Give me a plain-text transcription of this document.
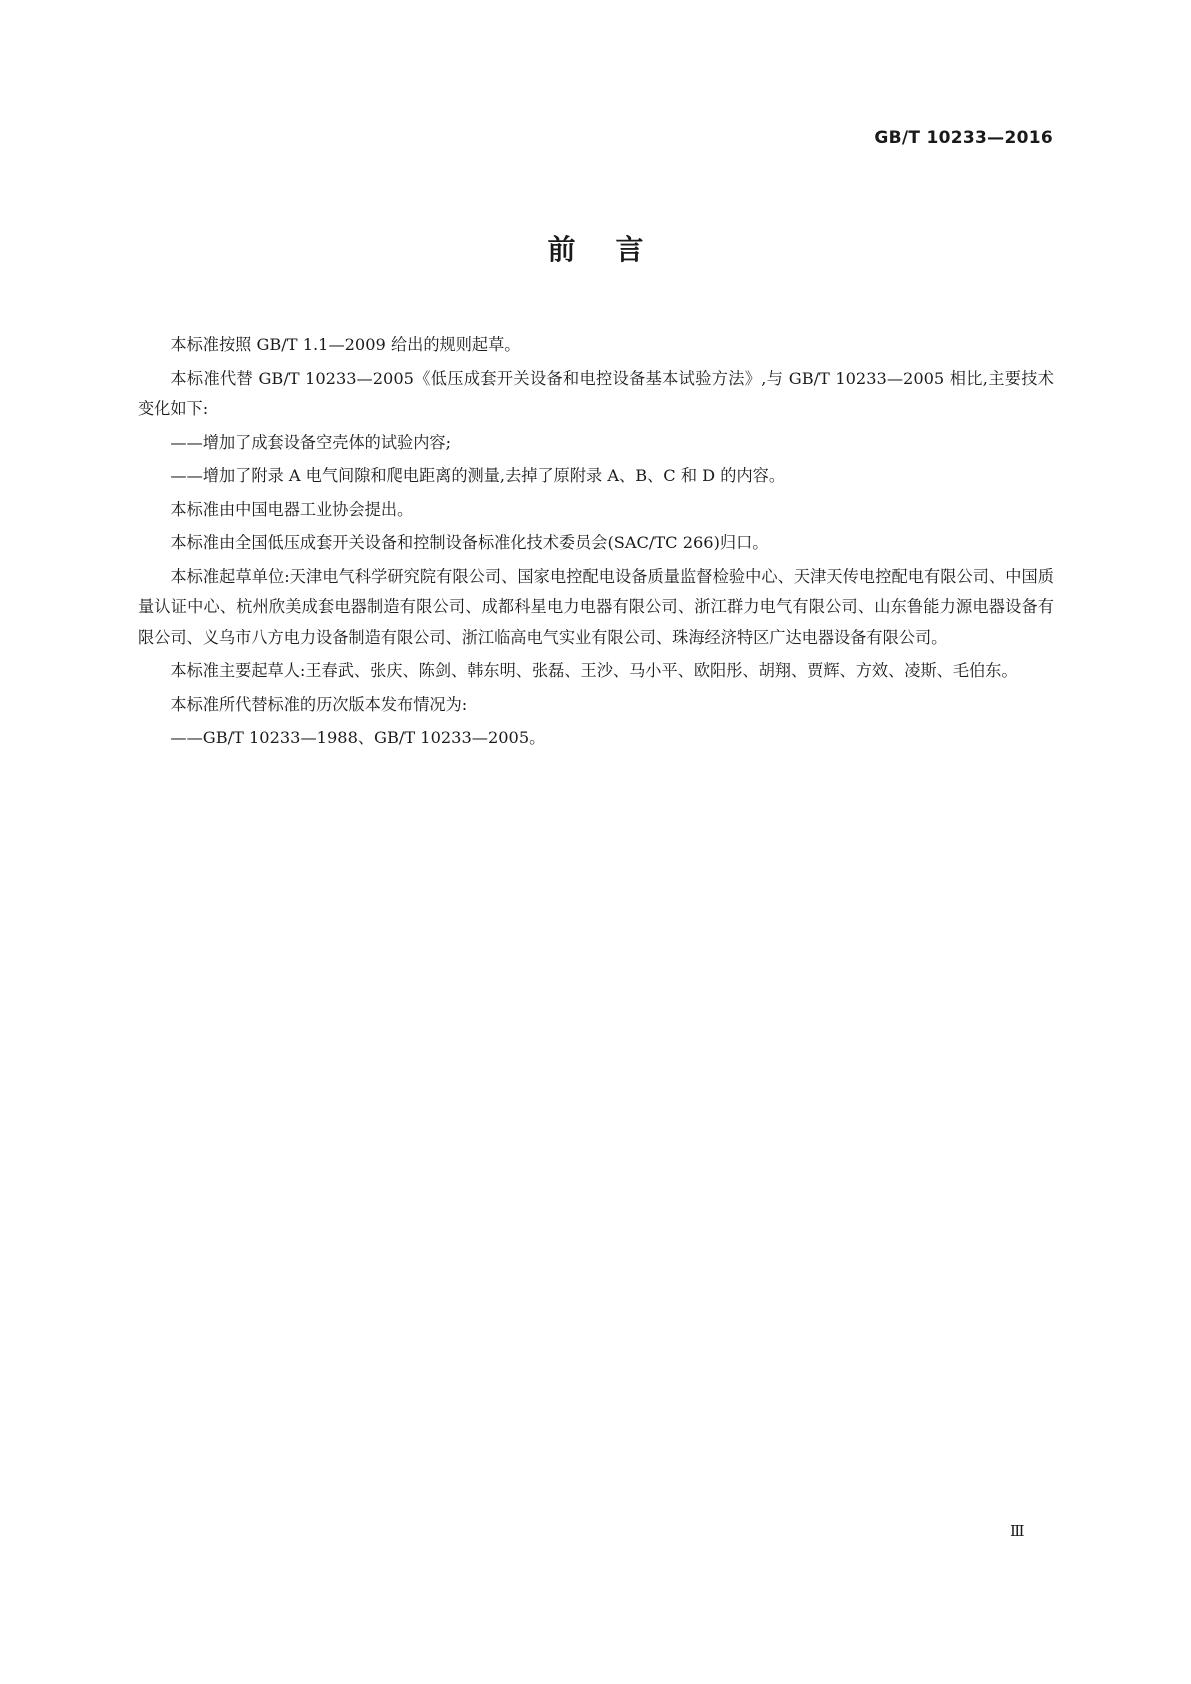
GB/T 10233—2016
前言

本标准按照 GB/T 1.1—2009 给出的规则起草。

本标准代替 GB/T 10233—2005《低压成套开关设备和电控设备基本试验方法》,与 GB/T 10233—2005 相比,主要技术变化如下:

——增加了成套设备空壳体的试验内容;

——增加了附录 A 电气间隙和爬电距离的测量,去掉了原附录 A、B、C 和 D 的内容。

本标准由中国电器工业协会提出。

本标准由全国低压成套开关设备和控制设备标准化技术委员会(SAC/TC 266)归口。

本标准起草单位:天津电气科学研究院有限公司、国家电控配电设备质量监督检验中心、天津天传电控配电有限公司、中国质量认证中心、杭州欣美成套电器制造有限公司、成都科星电力电器有限公司、浙江群力电气有限公司、山东鲁能力源电器设备有限公司、义乌市八方电力设备制造有限公司、浙江临高电气实业有限公司、珠海经济特区广达电器设备有限公司。

本标准主要起草人:王春武、张庆、陈剑、韩东明、张磊、王沙、马小平、欧阳彤、胡翔、贾辉、方效、凌斯、毛伯东。

本标准所代替标准的历次版本发布情况为:

——GB/T 10233—1988、GB/T 10233—2005。

Ⅲ
